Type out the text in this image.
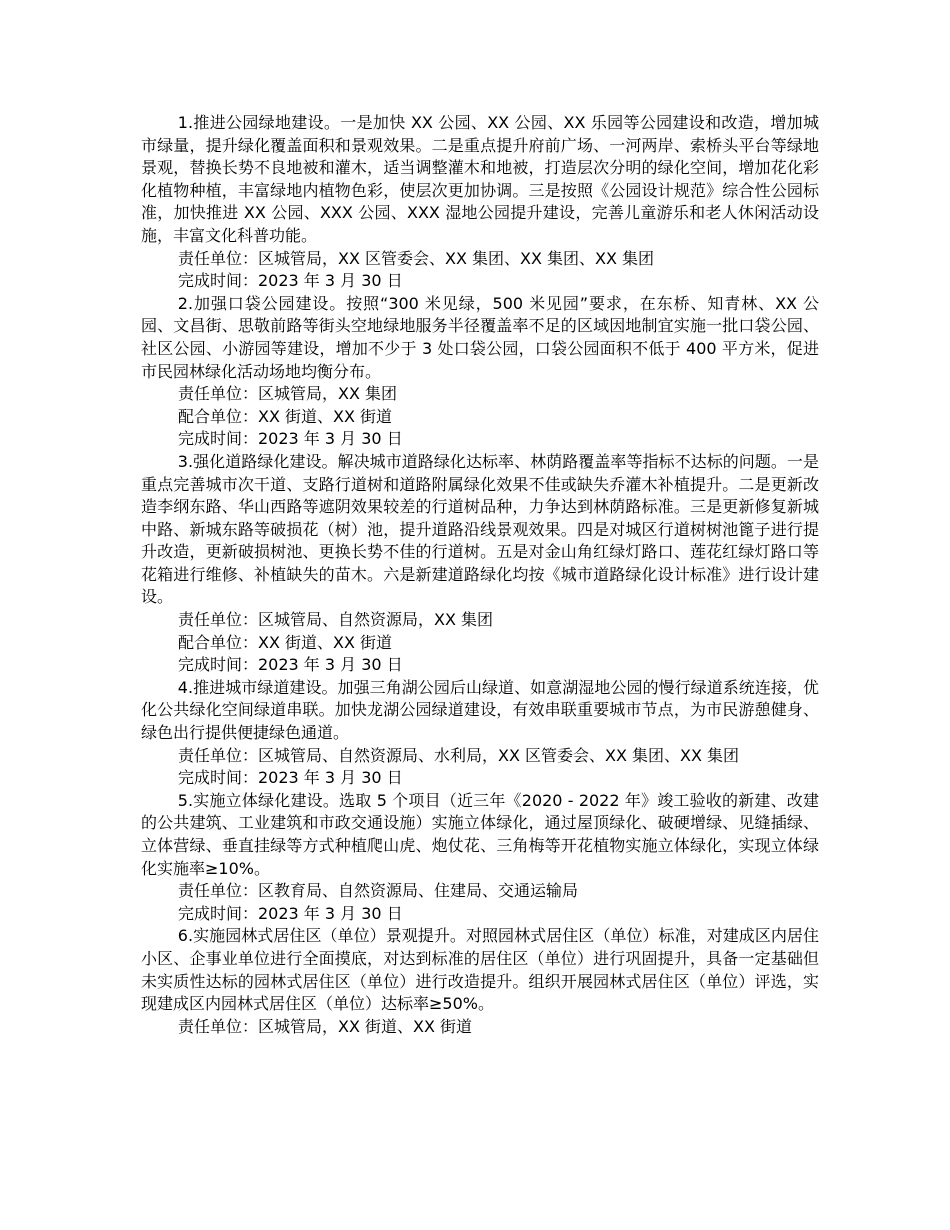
1.推进公园绿地建设。一是加快 XX 公园、XX 公园、XX 乐园等公园建设和改造，增加城市绿量，提升绿化覆盖面积和景观效果。二是重点提升府前广场、一河两岸、索桥头平台等绿地景观，替换长势不良地被和灌木，适当调整灌木和地被，打造层次分明的绿化空间，增加花化彩化植物种植，丰富绿地内植物色彩，使层次更加协调。三是按照《公园设计规范》综合性公园标准，加快推进 XX 公园、XXX 公园、XXX 湿地公园提升建设，完善儿童游乐和老人休闲活动设施，丰富文化科普功能。

责任单位：区城管局，XX 区管委会、XX 集团、XX 集团、XX 集团

完成时间：2023 年 3 月 30 日

2.加强口袋公园建设。按照“300 米见绿，500 米见园”要求，在东桥、知青林、XX 公园、文昌街、思敬前路等街头空地绿地服务半径覆盖率不足的区域因地制宜实施一批口袋公园、社区公园、小游园等建设，增加不少于 3 处口袋公园，口袋公园面积不低于 400 平方米，促进市民园林绿化活动场地均衡分布。

责任单位：区城管局，XX 集团

配合单位：XX 街道、XX 街道

完成时间：2023 年 3 月 30 日

3.强化道路绿化建设。解决城市道路绿化达标率、林荫路覆盖率等指标不达标的问题。一是重点完善城市次干道、支路行道树和道路附属绿化效果不佳或缺失乔灌木补植提升。二是更新改造李纲东路、华山西路等遮阴效果较差的行道树品种，力争达到林荫路标准。三是更新修复新城中路、新城东路等破损花（树）池，提升道路沿线景观效果。四是对城区行道树树池篦子进行提升改造，更新破损树池、更换长势不佳的行道树。五是对金山角红绿灯路口、莲花红绿灯路口等花箱进行维修、补植缺失的苗木。六是新建道路绿化均按《城市道路绿化设计标准》进行设计建设。

责任单位：区城管局、自然资源局，XX 集团

配合单位：XX 街道、XX 街道

完成时间：2023 年 3 月 30 日

4.推进城市绿道建设。加强三角湖公园后山绿道、如意湖湿地公园的慢行绿道系统连接，优化公共绿化空间绿道串联。加快龙湖公园绿道建设，有效串联重要城市节点，为市民游憩健身、绿色出行提供便捷绿色通道。

责任单位：区城管局、自然资源局、水利局，XX 区管委会、XX 集团、XX 集团

完成时间：2023 年 3 月 30 日

5.实施立体绿化建设。选取 5 个项目（近三年《2020 - 2022 年》竣工验收的新建、改建的公共建筑、工业建筑和市政交通设施）实施立体绿化，通过屋顶绿化、破硬增绿、见缝插绿、立体营绿、垂直挂绿等方式种植爬山虎、炮仗花、三角梅等开花植物实施立体绿化，实现立体绿化实施率≥10%。

责任单位：区教育局、自然资源局、住建局、交通运输局

完成时间：2023 年 3 月 30 日

6.实施园林式居住区（单位）景观提升。对照园林式居住区（单位）标准，对建成区内居住小区、企事业单位进行全面摸底，对达到标准的居住区（单位）进行巩固提升，具备一定基础但未实质性达标的园林式居住区（单位）进行改造提升。组织开展园林式居住区（单位）评选，实现建成区内园林式居住区（单位）达标率≥50%。

责任单位：区城管局，XX 街道、XX 街道
